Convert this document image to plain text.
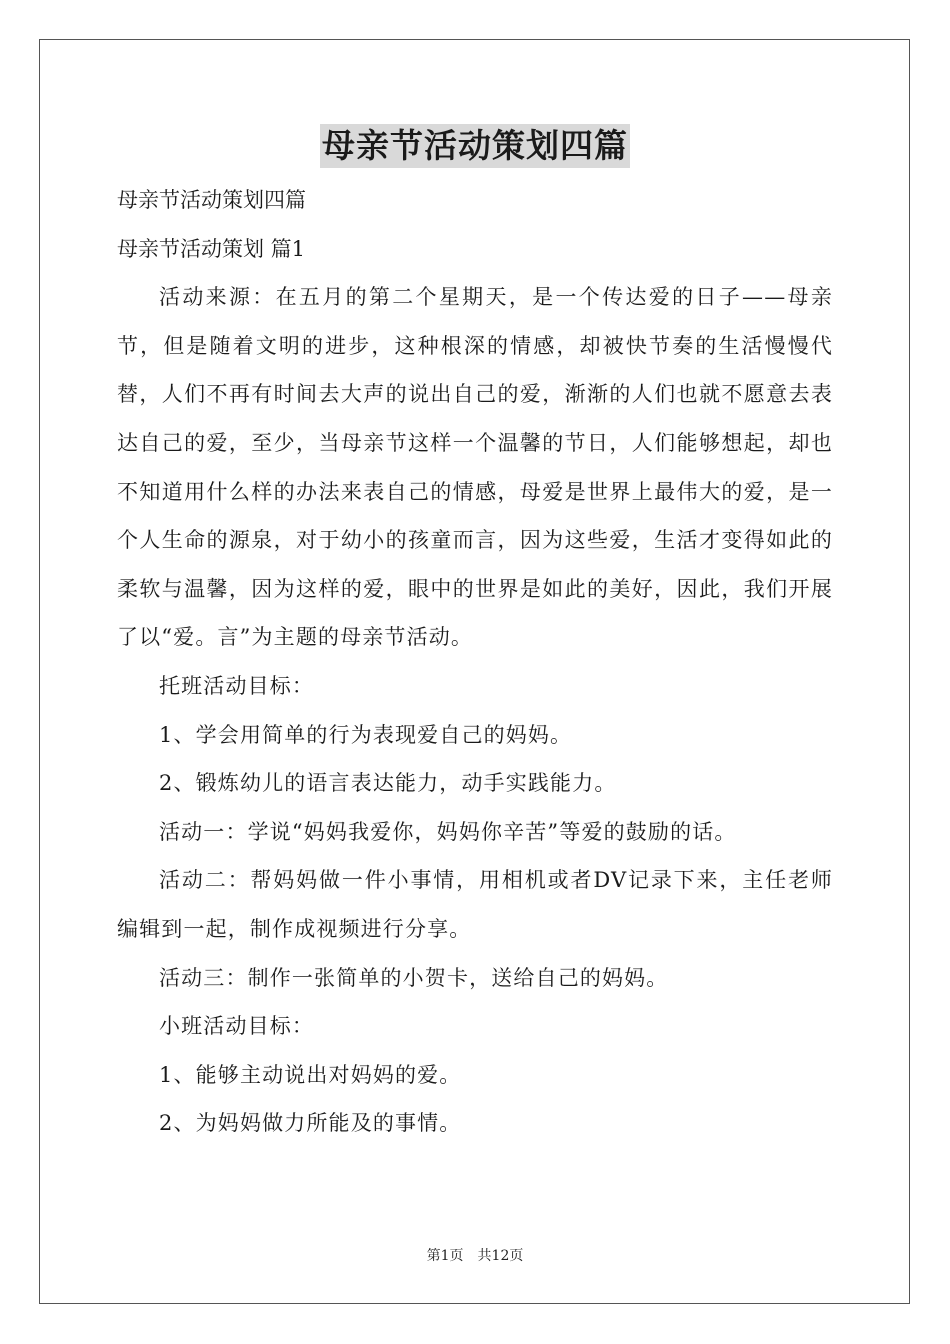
母亲节活动策划四篇

母亲节活动策划四篇

母亲节活动策划 篇1

活动来源：在五月的第二个星期天，是一个传达爱的日子——母亲节，但是随着文明的进步，这种根深的情感，却被快节奏的生活慢慢代替，人们不再有时间去大声的说出自己的爱，渐渐的人们也就不愿意去表达自己的爱，至少，当母亲节这样一个温馨的节日，人们能够想起，却也不知道用什么样的办法来表自己的情感，母爱是世界上最伟大的爱，是一个人生命的源泉，对于幼小的孩童而言，因为这些爱，生活才变得如此的柔软与温馨，因为这样的爱，眼中的世界是如此的美好，因此，我们开展了以“爱。言”为主题的母亲节活动。

托班活动目标：

1、学会用简单的行为表现爱自己的妈妈。

2、锻炼幼儿的语言表达能力，动手实践能力。

活动一：学说“妈妈我爱你，妈妈你辛苦”等爱的鼓励的话。

活动二：帮妈妈做一件小事情，用相机或者DV记录下来，主任老师编辑到一起，制作成视频进行分享。

活动三：制作一张简单的小贺卡，送给自己的妈妈。

小班活动目标：

1、能够主动说出对妈妈的爱。

2、为妈妈做力所能及的事情。

第1页　共12页
